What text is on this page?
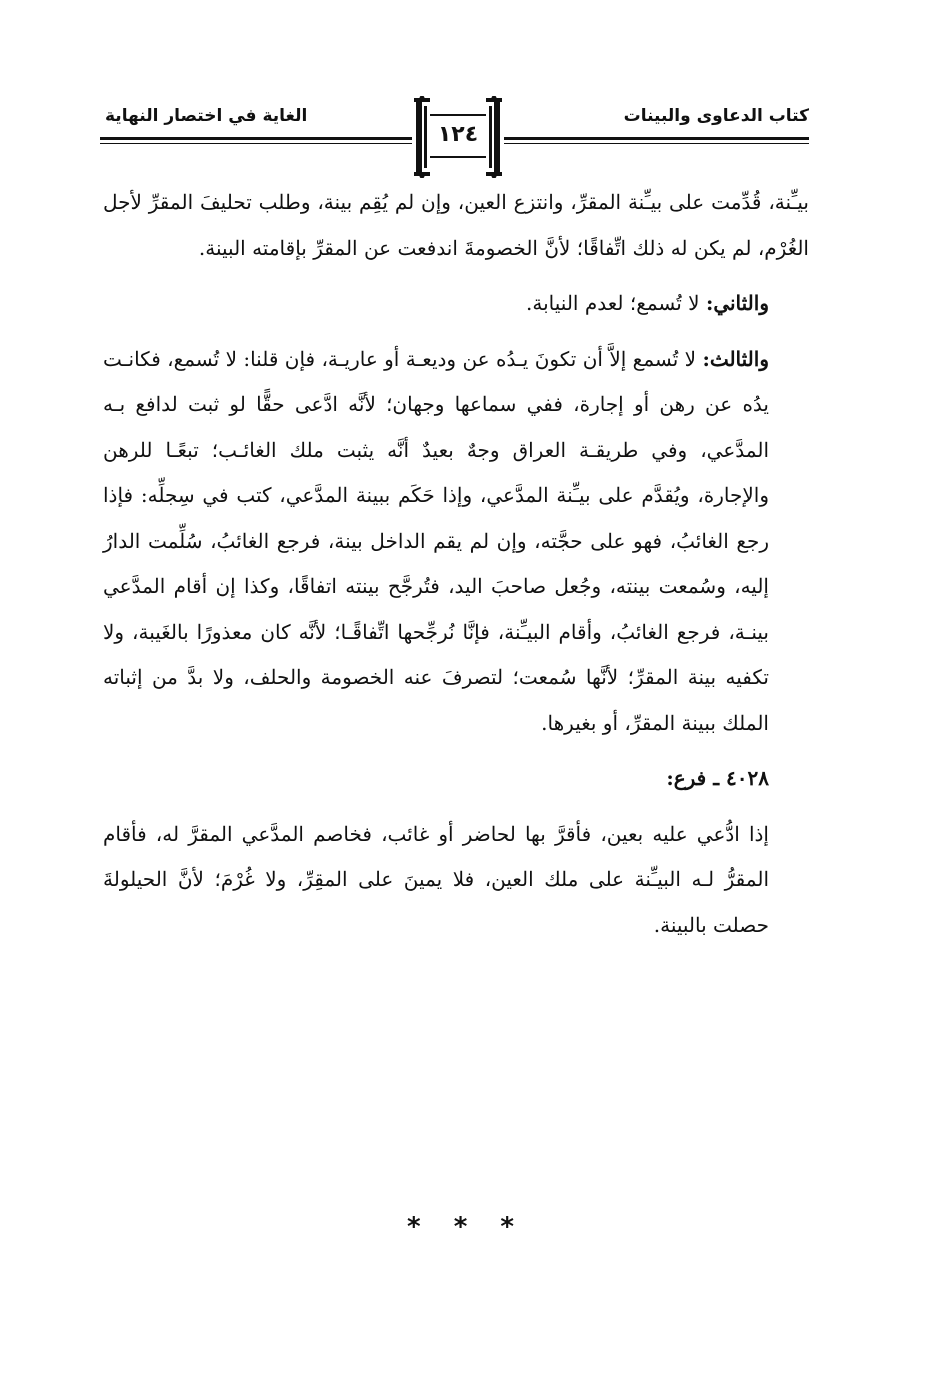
كتاب الدعاوى والبينات
الغاية في اختصار النهاية
١٢٤

بيـِّنة، قُدِّمت على بيـِّنة المقرِّ، وانتزع العين، وإن لم يُقِم بينة، وطلب تحليفَ المقرِّ لأجل الغُرْم، لم يكن له ذلك اتِّفاقًا؛ لأنَّ الخصومةَ اندفعت عن المقرِّ بإقامته البينة.

والثاني: لا تُسمع؛ لعدم النيابة.

والثالث: لا تُسمع إلاَّ أن تكونَ يـدُه عن وديعـة أو عاريـة، فإن قلنا: لا تُسمع، فكانـت يدُه عن رهن أو إجارة، ففي سماعها وجهان؛ لأنَّه ادَّعى حقًّا لو ثبت لدافع بـه المدَّعي، وفي طريقـة العراق وجهٌ بعيدٌ أنَّه يثبت ملك الغائـب؛ تبعًـا للرهن والإجارة، ويُقدَّم على بيـِّنة المدَّعي، وإذا حَكَم ببينة المدَّعي، كتب في سِجلِّه: فإذا رجع الغائبُ، فهو على حجَّته، وإن لم يقم الداخل بينة، فرجع الغائبُ، سُلِّمت الدارُ إليه، وسُمعت بينته، وجُعل صاحبَ اليد، فتُرجَّح بينته اتفاقًا، وكذا إن أقام المدَّعي بينـة، فرجع الغائبُ، وأقام البيـِّنة، فإنَّا نُرجِّحها اتِّفاقًـا؛ لأنَّه كان معذورًا بالغَيبة، ولا تكفيه بينة المقرِّ؛ لأنَّها سُمعت؛ لتصرفَ عنه الخصومة والحلف، ولا بدَّ من إثباته الملك ببينة المقرِّ، أو بغيرها.

٤٠٢٨ ـ فرع:

إذا ادُّعي عليه بعين، فأقرَّ بها لحاضر أو غائب، فخاصم المدَّعي المقرَّ له، فأقام المقرُّ لـه البيـِّنة على ملك العين، فلا يمينَ على المقِرِّ، ولا غُرْمَ؛ لأنَّ الحيلولةَ حصلت بالبينة.

* * *
